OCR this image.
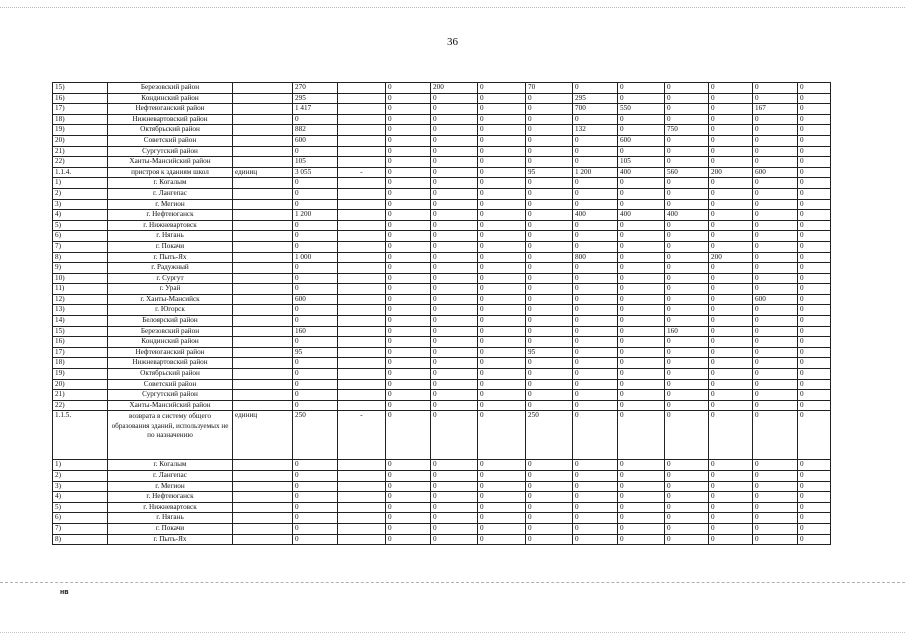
36
15)	Березовский район		270		0	200	0	70	0	0	0	0	0	0
16)	Кондинский район		295		0	0	0	0	295	0	0	0	0	0
17)	Нефтеюганский район		1 417		0	0	0	0	700	550	0	0	167	0
18)	Нижневартовский район		0		0	0	0	0	0	0	0	0	0	0
19)	Октябрьский район		882		0	0	0	0	132	0	750	0	0	0
20)	Советский район		600		0	0	0	0	0	600	0	0	0	0
21)	Сургутский район		0		0	0	0	0	0	0	0	0	0	0
22)	Ханты-Мансийский район		105		0	0	0	0	0	105	0	0	0	0
1.1.4.	пристроя к зданиям школ	единиц	3 055	-	0	0	0	95	1 200	400	560	200	600	0
1)	г. Когалым		0		0	0	0	0	0	0	0	0	0	0
2)	г. Лангепас		0		0	0	0	0	0	0	0	0	0	0
3)	г. Мегион		0		0	0	0	0	0	0	0	0	0	0
4)	г. Нефтеюганск		1 200		0	0	0	0	400	400	400	0	0	0
5)	г. Нижневартовск		0		0	0	0	0	0	0	0	0	0	0
6)	г. Нягань		0		0	0	0	0	0	0	0	0	0	0
7)	г. Покачи		0		0	0	0	0	0	0	0	0	0	0
8)	г. Пыть-Ях		1 000		0	0	0	0	800	0	0	200	0	0
9)	г. Радужный		0		0	0	0	0	0	0	0	0	0	0
10)	г. Сургут		0		0	0	0	0	0	0	0	0	0	0
11)	г. Урай		0		0	0	0	0	0	0	0	0	0	0
12)	г. Ханты-Мансийск		600		0	0	0	0	0	0	0	0	600	0
13)	г. Югорск		0		0	0	0	0	0	0	0	0	0	0
14)	Белоярский район		0		0	0	0	0	0	0	0	0	0	0
15)	Березовский район		160		0	0	0	0	0	0	160	0	0	0
16)	Кондинский район		0		0	0	0	0	0	0	0	0	0	0
17)	Нефтеюганский район		95		0	0	0	95	0	0	0	0	0	0
18)	Нижневартовский район		0		0	0	0	0	0	0	0	0	0	0
19)	Октябрьский район		0		0	0	0	0	0	0	0	0	0	0
20)	Советский район		0		0	0	0	0	0	0	0	0	0	0
21)	Сургутский район		0		0	0	0	0	0	0	0	0	0	0
22)	Ханты-Мансийский район		0		0	0	0	0	0	0	0	0	0	0
1.1.5.	возврата в систему общего образования зданий, используемых не по назначению	единиц	250	-	0	0	0	250	0	0	0	0	0	0
1)	г. Когалым		0		0	0	0	0	0	0	0	0	0	0
2)	г. Лангепас		0		0	0	0	0	0	0	0	0	0	0
3)	г. Мегион		0		0	0	0	0	0	0	0	0	0	0
4)	г. Нефтеюганск		0		0	0	0	0	0	0	0	0	0	0
5)	г. Нижневартовск		0		0	0	0	0	0	0	0	0	0	0
6)	г. Нягань		0		0	0	0	0	0	0	0	0	0	0
7)	г. Покачи		0		0	0	0	0	0	0	0	0	0	0
8)	г. Пыть-Ях		0		0	0	0	0	0	0	0	0	0	0
нв
